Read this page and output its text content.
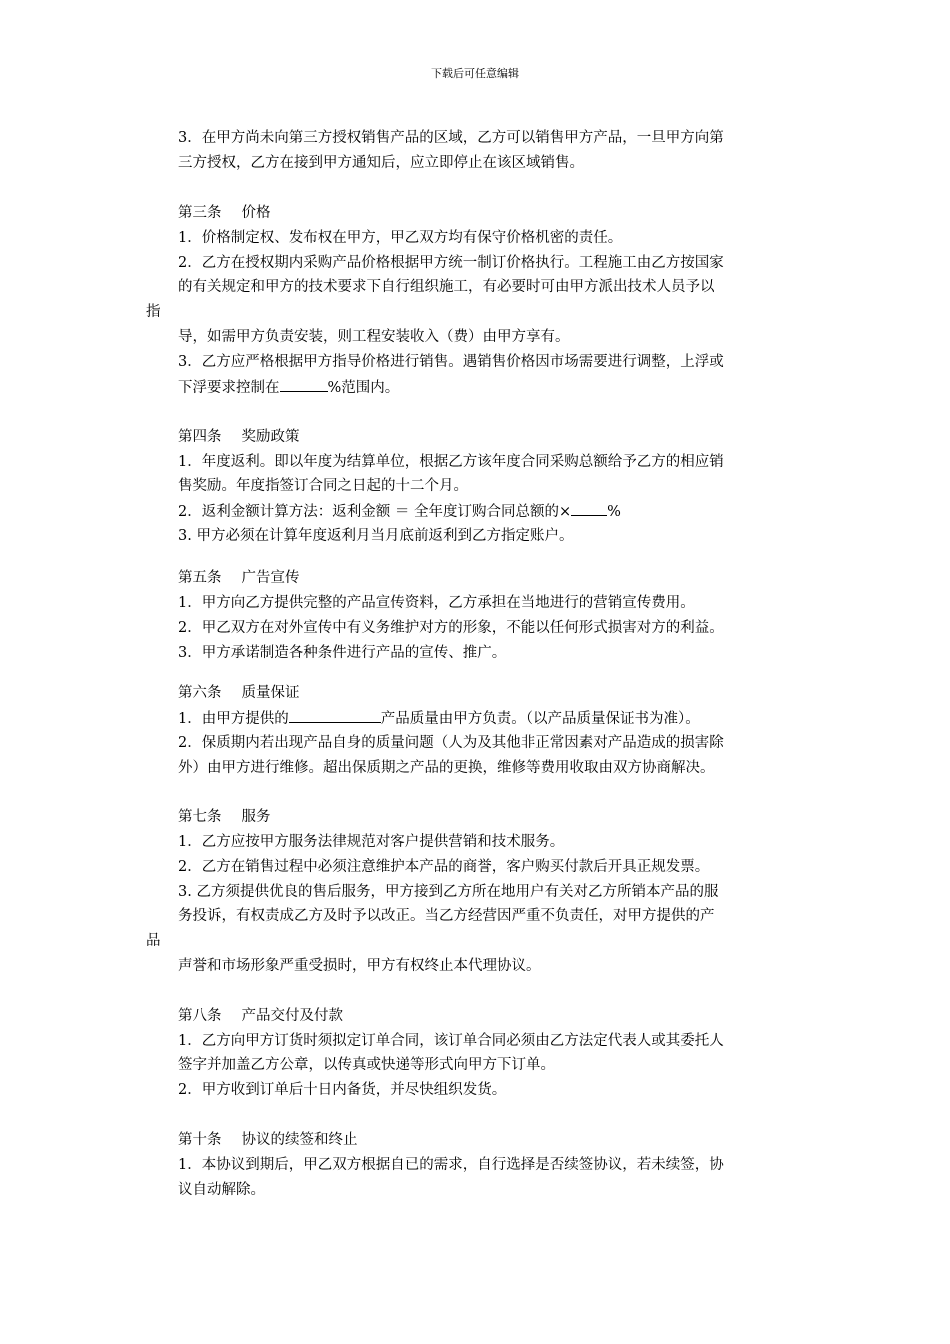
下载后可任意编辑
3．在甲方尚未向第三方授权销售产品的区域，乙方可以销售甲方产品，一旦甲方向第
三方授权，乙方在接到甲方通知后，应立即停止在该区域销售。
第三条 价格
1．价格制定权、发布权在甲方，甲乙双方均有保守价格机密的责任。
2．乙方在授权期内采购产品价格根据甲方统一制订价格执行。工程施工由乙方按国家
的有关规定和甲方的技术要求下自行组织施工，有必要时可由甲方派出技术人员予以
指
导，如需甲方负责安装，则工程安装收入（费）由甲方享有。
3．乙方应严格根据甲方指导价格进行销售。遇销售价格因市场需要进行调整，上浮或
下浮要求控制在	%范围内。
第四条 奖励政策
1．年度返利。即以年度为结算单位，根据乙方该年度合同采购总额给予乙方的相应销
售奖励。年度指签订合同之日起的十二个月。
2．返利金额计算方法：返利金额 ＝ 全年度订购合同总额的× %
3. 甲方必须在计算年度返利月当月底前返利到乙方指定账户。
第五条 广告宣传
1．甲方向乙方提供完整的产品宣传资料，乙方承担在当地进行的营销宣传费用。
2．甲乙双方在对外宣传中有义务维护对方的形象，不能以任何形式损害对方的利益。
3．甲方承诺制造各种条件进行产品的宣传、推广。
第六条 质量保证
1．由甲方提供的	产品质量由甲方负责。（以产品质量保证书为准）。
2．保质期内若出现产品自身的质量问题（人为及其他非正常因素对产品造成的损害除
外）由甲方进行维修。超出保质期之产品的更换，维修等费用收取由双方协商解决。
第七条 服务
1．乙方应按甲方服务法律规范对客户提供营销和技术服务。
2．乙方在销售过程中必须注意维护本产品的商誉，客户购买付款后开具正规发票。
3. 乙方须提供优良的售后服务，甲方接到乙方所在地用户有关对乙方所销本产品的服
务投诉，有权责成乙方及时予以改正。当乙方经营因严重不负责任，对甲方提供的产
品
声誉和市场形象严重受损时，甲方有权终止本代理协议。
第八条 产品交付及付款
1．乙方向甲方订货时须拟定订单合同，该订单合同必须由乙方法定代表人或其委托人
签字并加盖乙方公章，以传真或快递等形式向甲方下订单。
2．甲方收到订单后十日内备货，并尽快组织发货。
第十条 协议的续签和终止
1．本协议到期后，甲乙双方根据自已的需求，自行选择是否续签协议，若未续签，协
议自动解除。
